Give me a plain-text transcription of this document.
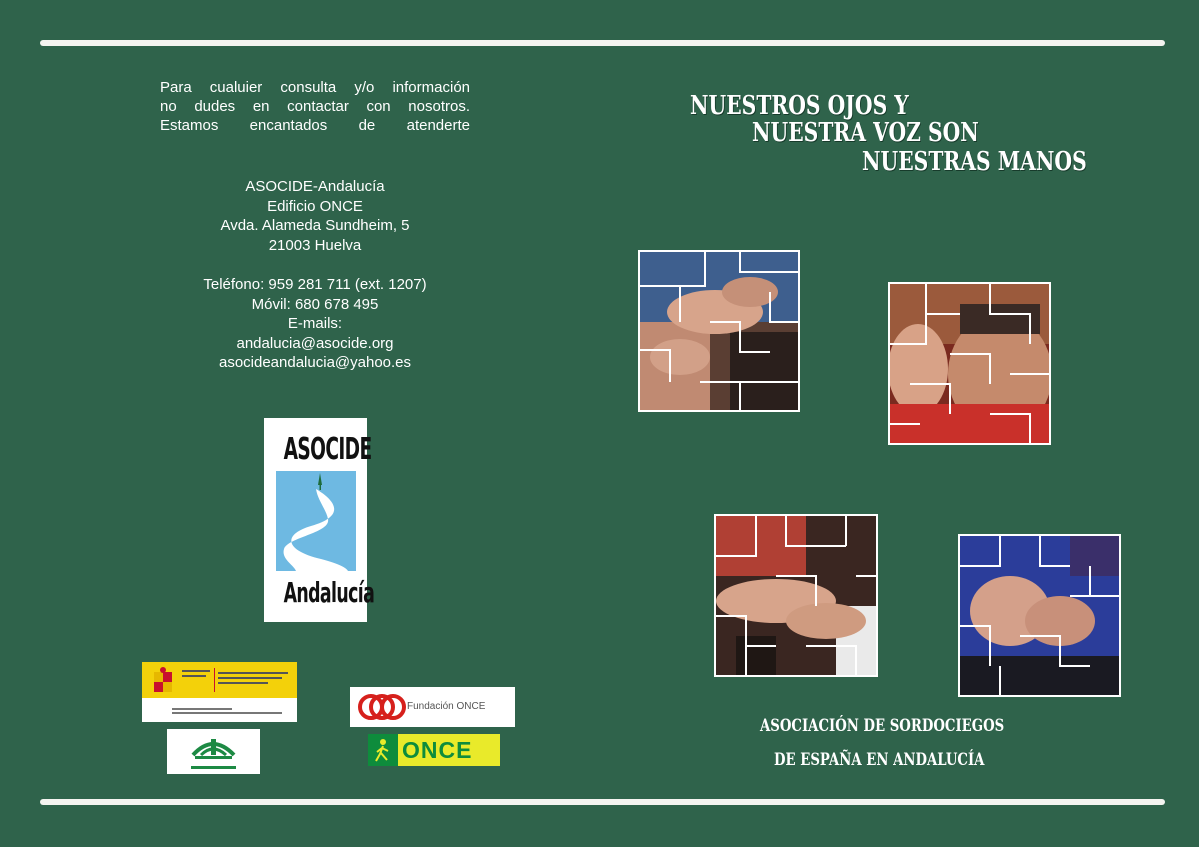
Para cualuier consulta y/o información
no dudes en contactar con nosotros.
Estamos encantados de atenderte
ASOCIDE-Andalucía
Edificio ONCE
Avda. Alameda Sundheim, 5
21003 Huelva
Teléfono: 959 281 711 (ext. 1207)
Móvil: 680 678 495
E-mails:
andalucia@asocide.org
asocideandalucia@yahoo.es
ASOCIDE
Andalucía
Fundación ONCE
ONCE
NUESTROS OJOS Y
NUESTRA VOZ SON
NUESTRAS MANOS
ASOCIACIÓN DE SORDOCIEGOS
DE ESPAÑA EN ANDALUCÍA
